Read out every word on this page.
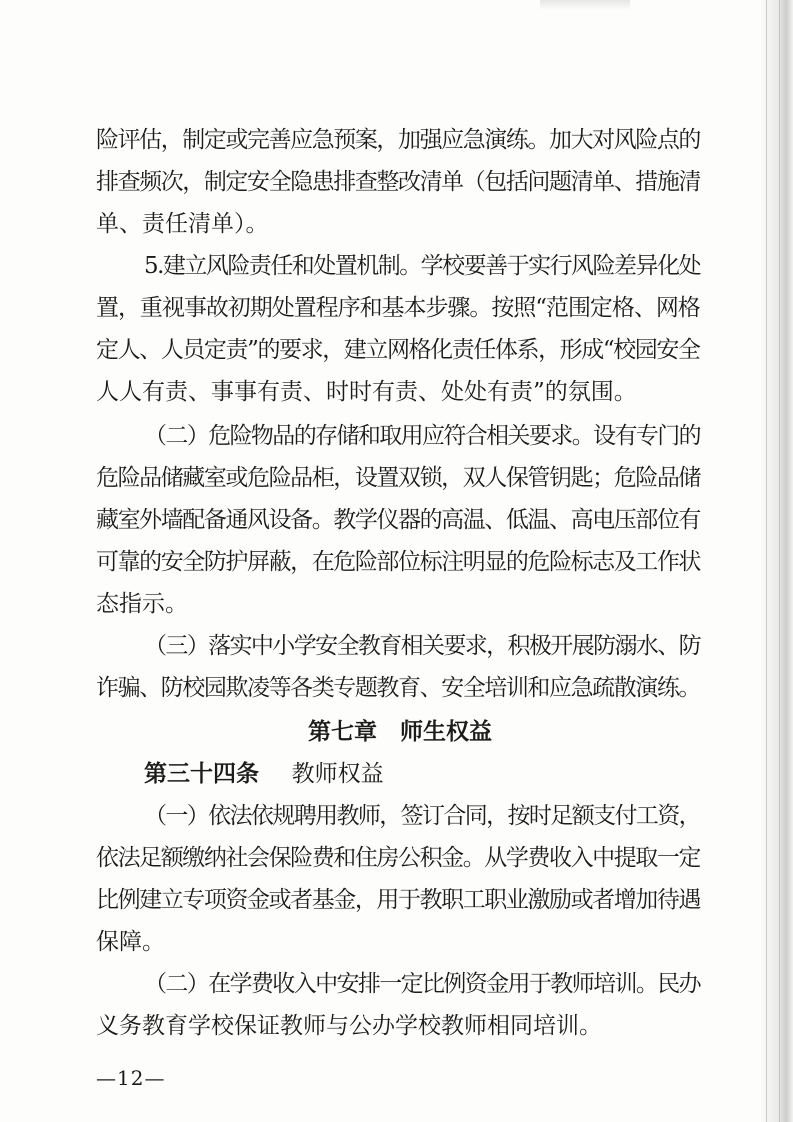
险评估，制定或完善应急预案，加强应急演练。加大对风险点的
排查频次，制定安全隐患排查整改清单（包括问题清单、措施清
单、责任清单）。
5.建立风险责任和处置机制。学校要善于实行风险差异化处
置，重视事故初期处置程序和基本步骤。按照“范围定格、网格
定人、人员定责”的要求，建立网格化责任体系，形成“校园安全
人人有责、事事有责、时时有责、处处有责”的氛围。
（二）危险物品的存储和取用应符合相关要求。设有专门的
危险品储藏室或危险品柜，设置双锁，双人保管钥匙；危险品储
藏室外墙配备通风设备。教学仪器的高温、低温、高电压部位有
可靠的安全防护屏蔽，在危险部位标注明显的危险标志及工作状
态指示。
（三）落实中小学安全教育相关要求，积极开展防溺水、防
诈骗、防校园欺凌等各类专题教育、安全培训和应急疏散演练。
第七章　师生权益
第三十四条 教师权益
（一）依法依规聘用教师，签订合同，按时足额支付工资，
依法足额缴纳社会保险费和住房公积金。从学费收入中提取一定
比例建立专项资金或者基金，用于教职工职业激励或者增加待遇
保障。
（二）在学费收入中安排一定比例资金用于教师培训。民办
义务教育学校保证教师与公办学校教师相同培训。
—12—
